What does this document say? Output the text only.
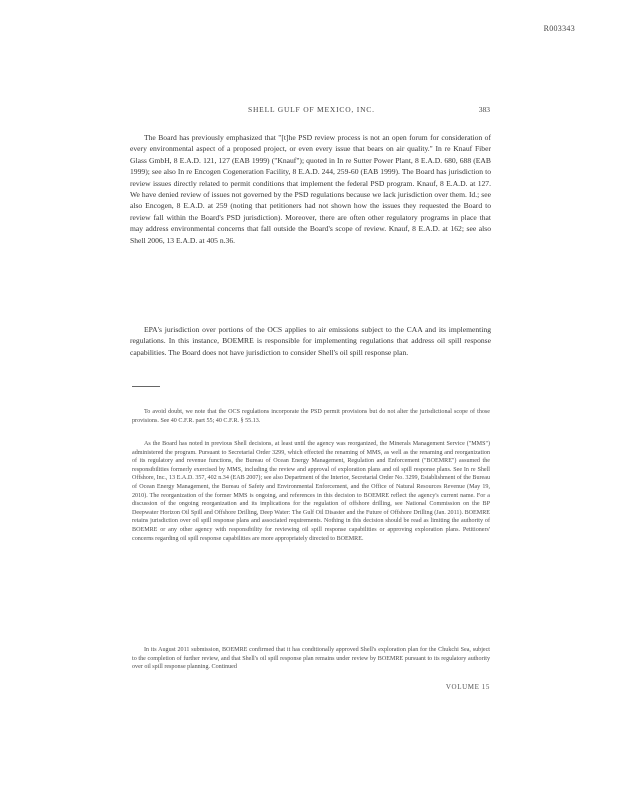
R003343
SHELL GULF OF MEXICO, INC.	383

The Board has previously emphasized that "[t]he PSD review process is not an open forum for consideration of every environmental aspect of a proposed project, or even every issue that bears on air quality." In re Knauf Fiber Glass GmbH, 8 E.A.D. 121, 127 (EAB 1999) ("Knauf"); quoted in In re Sutter Power Plant, 8 E.A.D. 680, 688 (EAB 1999); see also In re Encogen Cogeneration Facility, 8 E.A.D. 244, 259-60 (EAB 1999). The Board has jurisdiction to review issues directly related to permit conditions that implement the federal PSD program. Knauf, 8 E.A.D. at 127. We have denied review of issues not governed by the PSD regulations because we lack jurisdiction over them. Id.; see also Encogen, 8 E.A.D. at 259 (noting that petitioners had not shown how the issues they requested the Board to review fall within the Board's PSD jurisdiction). Moreover, there are often other regulatory programs in place that may address environmental concerns that fall outside the Board's scope of review. Knauf, 8 E.A.D. at 162; see also Shell 2006, 13 E.A.D. at 405 n.36.

EPA's jurisdiction over portions of the OCS applies to air emissions subject to the CAA and its implementing regulations. In this instance, BOEMRE is responsible for implementing regulations that address oil spill response capabilities. The Board does not have jurisdiction to consider Shell's oil spill response plan.

To avoid doubt, we note that the OCS regulations incorporate the PSD permit provisions but do not alter the jurisdictional scope of those provisions. See 40 C.F.R. part 55; 40 C.F.R. § 55.13.

As the Board has noted in previous Shell decisions, at least until the agency was reorganized, the Minerals Management Service ("MMS") administered the program. Pursuant to Secretarial Order 3299, which effected the renaming of MMS, as well as the renaming and reorganization of its regulatory and revenue functions, the Bureau of Ocean Energy Management, Regulation and Enforcement ("BOEMRE") assumed the responsibilities formerly exercised by MMS, including the review and approval of exploration plans and oil spill response plans. See In re Shell Offshore, Inc., 13 E.A.D. 357, 402 n.34 (EAB 2007); see also Department of the Interior, Secretarial Order No. 3299, Establishment of the Bureau of Ocean Energy Management, the Bureau of Safety and Environmental Enforcement, and the Office of Natural Resources Revenue (May 19, 2010). The reorganization of the former MMS is ongoing, and references in this decision to BOEMRE reflect the agency's current name. For a discussion of the ongoing reorganization and its implications for the regulation of offshore drilling, see National Commission on the BP Deepwater Horizon Oil Spill and Offshore Drilling, Deep Water: The Gulf Oil Disaster and the Future of Offshore Drilling (Jan. 2011). BOEMRE retains jurisdiction over oil spill response plans and associated requirements. Nothing in this decision should be read as limiting the authority of BOEMRE or any other agency with responsibility for reviewing oil spill response capabilities or approving exploration plans. Petitioners' concerns regarding oil spill response capabilities are more appropriately directed to BOEMRE.

In its August 2011 submission, BOEMRE confirmed that it has conditionally approved Shell's exploration plan for the Chukchi Sea, subject to the completion of further review, and that Shell's oil spill response plan remains under review by BOEMRE pursuant to its regulatory authority over oil spill response planning. Continued

VOLUME 15
